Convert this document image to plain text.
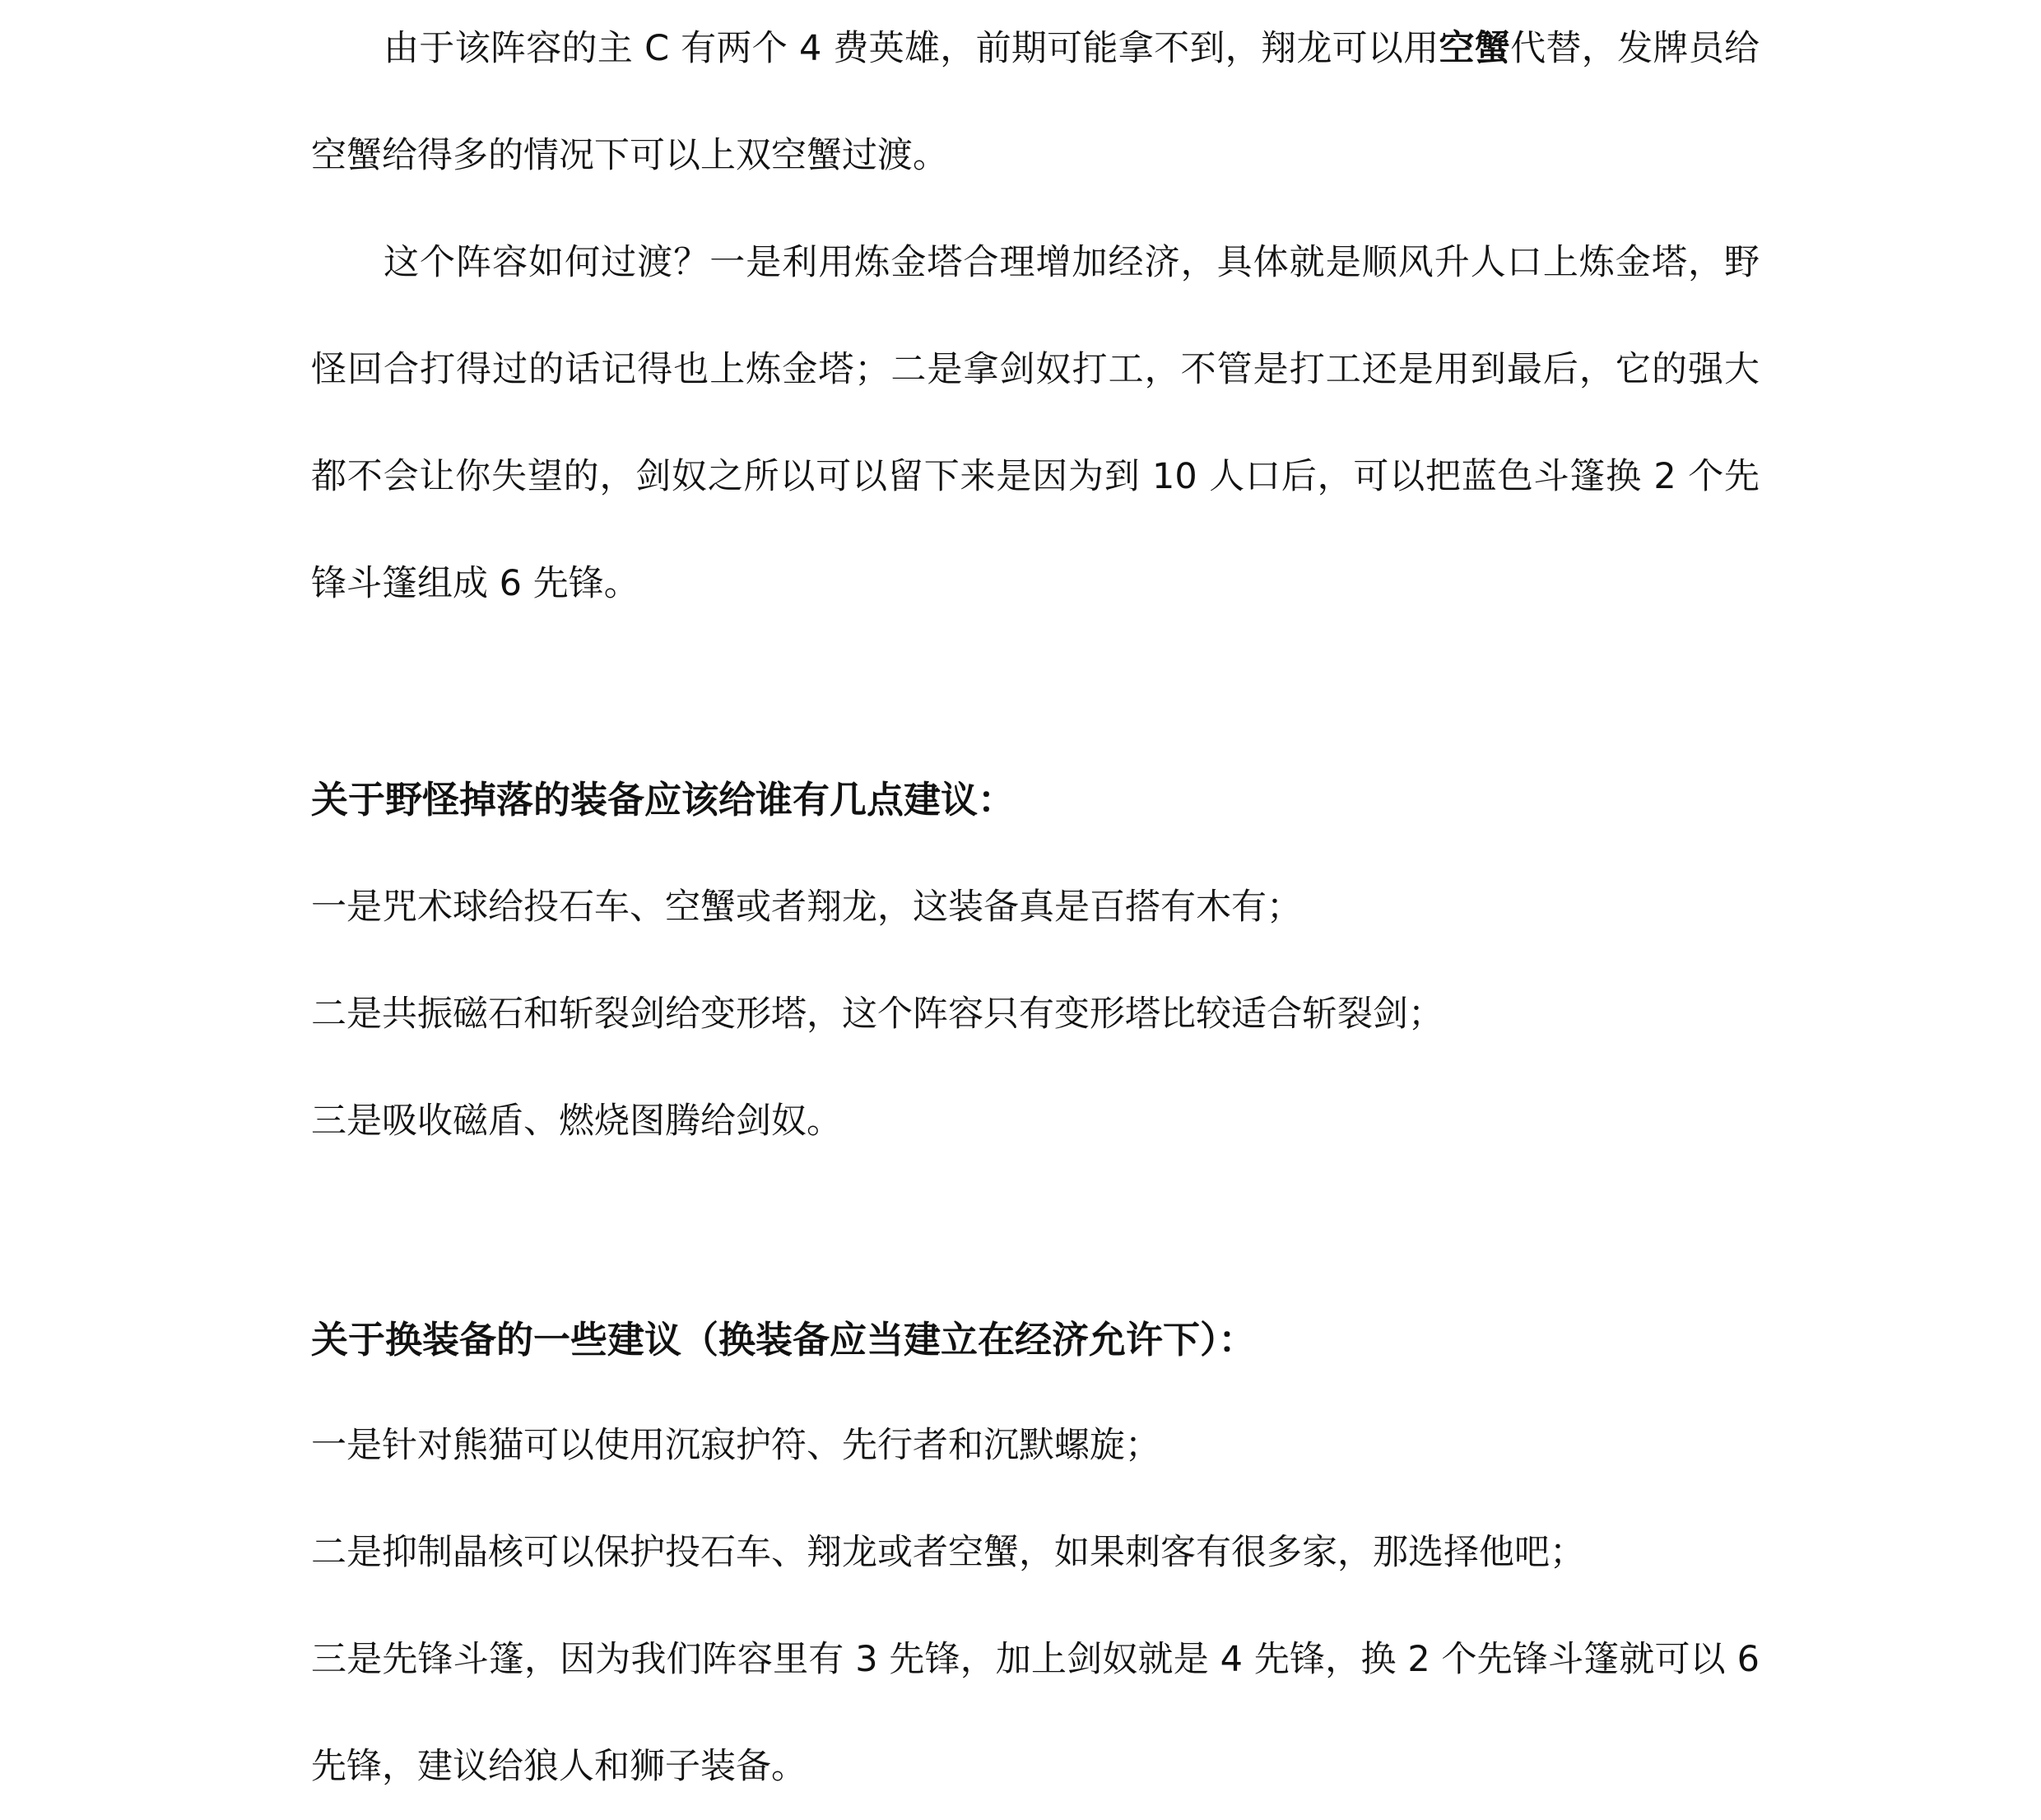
由于该阵容的主 C 有两个 4 费英雄，前期可能拿不到，翔龙可以用空蟹代替，发牌员给空蟹给得多的情况下可以上双空蟹过渡。

这个阵容如何过渡？一是利用炼金塔合理增加经济，具体就是顺风升人口上炼金塔，野怪回合打得过的话记得也上炼金塔；二是拿剑奴打工，不管是打工还是用到最后，它的强大都不会让你失望的，剑奴之所以可以留下来是因为到 10 人口后，可以把蓝色斗篷换 2 个先锋斗篷组成 6 先锋。

关于野怪掉落的装备应该给谁有几点建议：

一是咒术球给投石车、空蟹或者翔龙，这装备真是百搭有木有；

二是共振磁石和斩裂剑给变形塔，这个阵容只有变形塔比较适合斩裂剑；

三是吸收磁盾、燃烧图腾给剑奴。

关于换装备的一些建议（换装备应当建立在经济允许下）：

一是针对熊猫可以使用沉寂护符、先行者和沉默螺旋；

二是抑制晶核可以保护投石车、翔龙或者空蟹，如果刺客有很多家，那选择他吧；

三是先锋斗篷，因为我们阵容里有 3 先锋，加上剑奴就是 4 先锋，换 2 个先锋斗篷就可以 6 先锋，建议给狼人和狮子装备。
